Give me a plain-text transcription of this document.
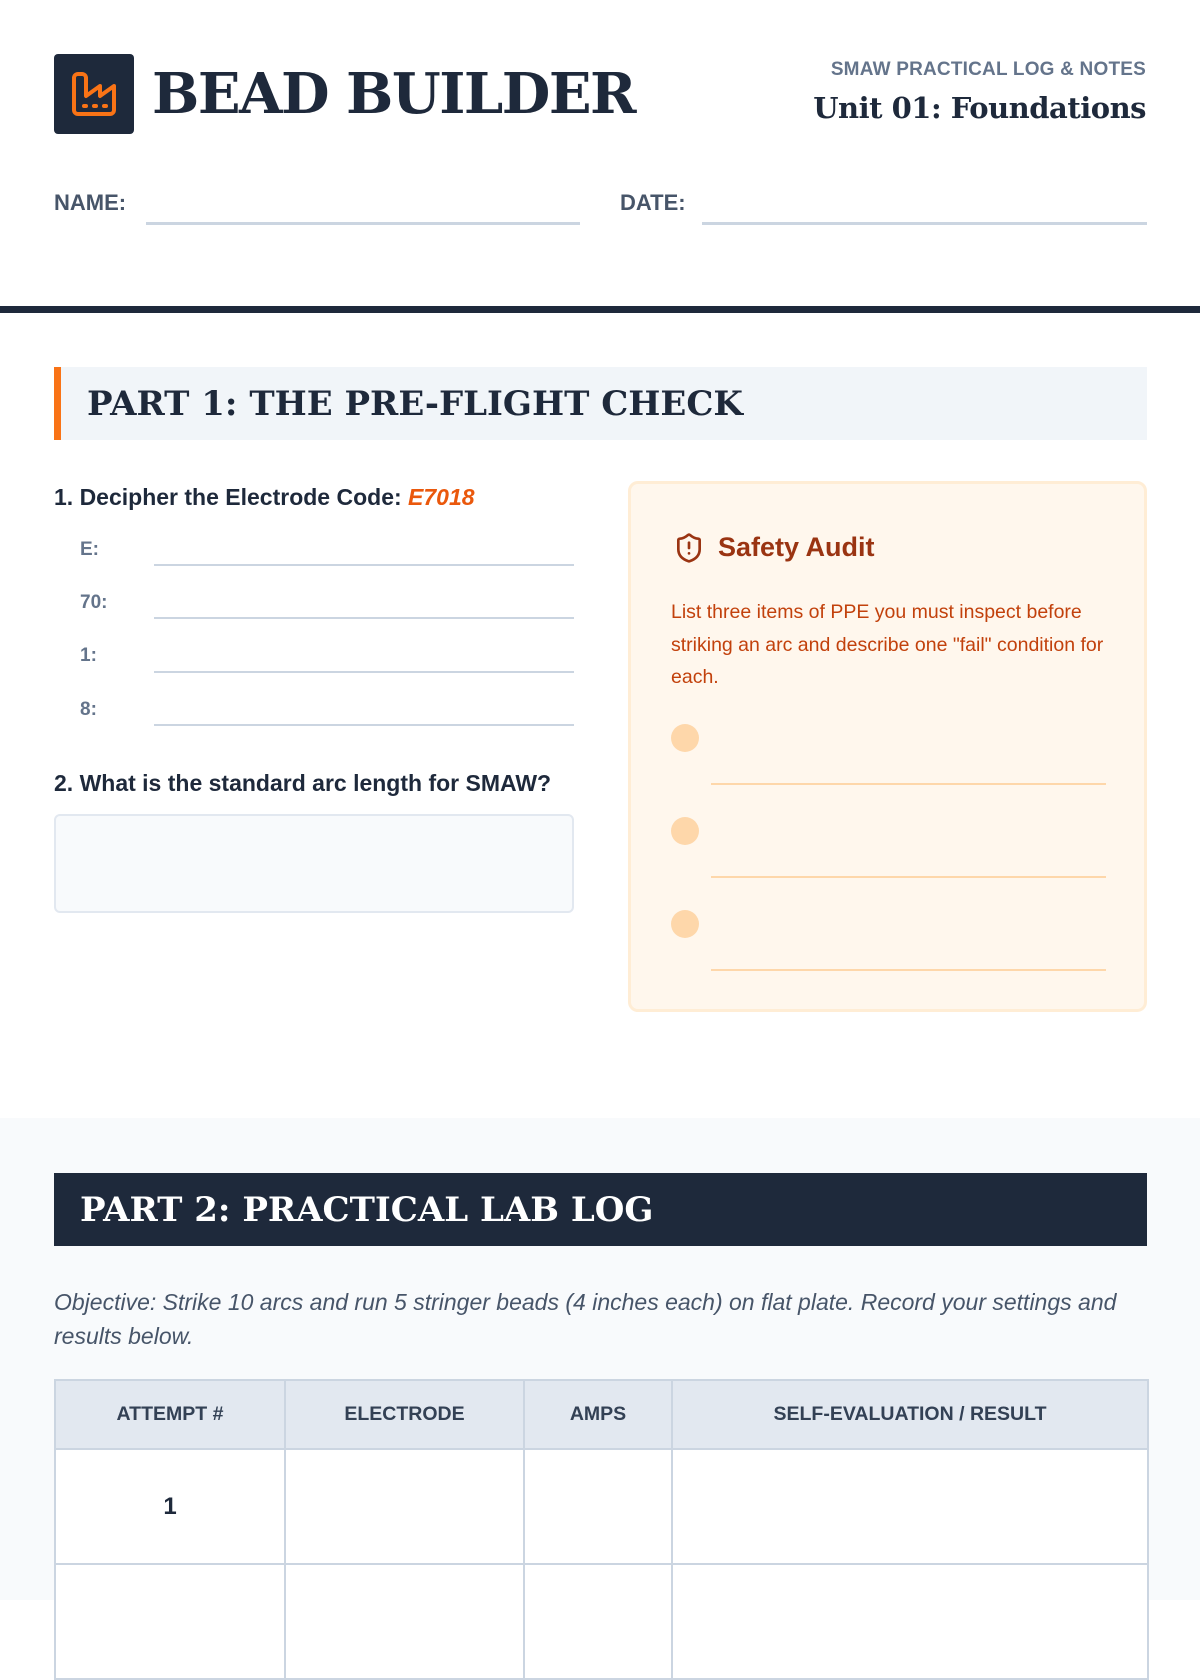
BEAD BUILDER	SMAW PRACTICAL LOG & NOTES
Unit 01: Foundations
NAME:	DATE:
PART 1: THE PRE-FLIGHT CHECK
1. Decipher the Electrode Code: E7018
E:
70:
1:
8:
2. What is the standard arc length for SMAW?
Safety Audit
List three items of PPE you must inspect before striking an arc and describe one "fail" condition for each.
PART 2: PRACTICAL LAB LOG
Objective: Strike 10 arcs and run 5 stringer beads (4 inches each) on flat plate. Record your settings and results below.
ATTEMPT #	ELECTRODE	AMPS	SELF-EVALUATION / RESULT
1			
